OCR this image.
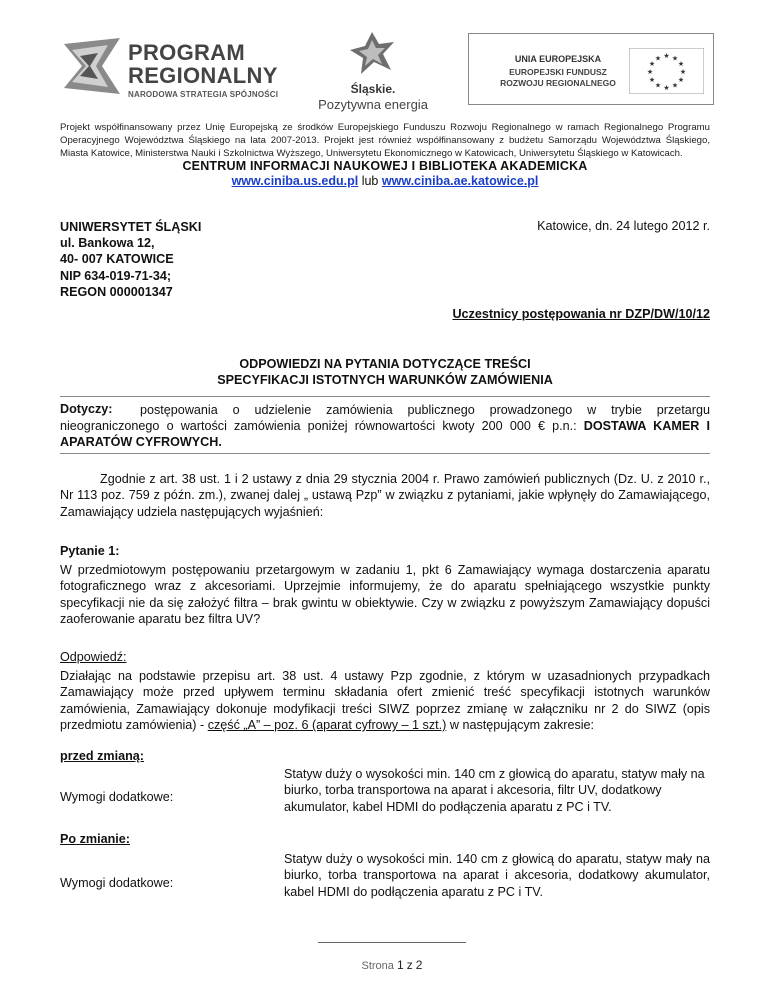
PROGRAM
REGIONALNY
NARODOWA STRATEGIA SPÓJNOŚCI	Śląskie.
Pozytywna energia
UNIA EUROPEJSKA
EUROPEJSKI FUNDUSZ
ROZWOJU REGIONALNEGO
★ ★
★
★
★
★
★
★
★
★
★
★

Projekt współfinansowany przez Unię Europejską ze środków Europejskiego Funduszu Rozwoju Regionalnego w ramach Regionalnego Programu Operacyjnego Województwa Śląskiego na lata 2007-2013. Projekt jest również współfinansowany z budżetu Samorządu Województwa Śląskiego, Miasta Katowice, Ministerstwa Nauki i Szkolnictwa Wyższego, Uniwersytetu Ekonomicznego w Katowicach, Uniwersytetu Śląskiego w Katowicach.

CENTRUM INFORMACJI NAUKOWEJ I BIBLIOTEKA AKADEMICKA
www.ciniba.us.edu.pl lub www.ciniba.ae.katowice.pl
UNIWERSYTET ŚLĄSKI
ul. Bankowa 12,
40- 007 KATOWICE
NIP 634-019-71-34;
REGON 000001347
Katowice, dn. 24 lutego 2012 r.
Uczestnicy postępowania nr DZP/DW/10/12
ODPOWIEDZI NA PYTANIA DOTYCZĄCE TREŚCI
SPECYFIKACJI ISTOTNYCH WARUNKÓW ZAMÓWIENIA
Dotyczy:	postępowania o udzielenie zamówienia publicznego prowadzonego w trybie przetargu
nieograniczonego o wartości zamówienia poniżej równowartości kwoty 200 000 € p.n.: DOSTAWA KAMER I APARATÓW CYFROWYCH.
Zgodnie z art. 38 ust. 1 i 2 ustawy z dnia 29 stycznia 2004 r. Prawo zamówień publicznych (Dz. U. z 2010 r., Nr 113 poz. 759 z późn. zm.), zwanej dalej „ ustawą Pzp” w związku z pytaniami, jakie wpłynęły do Zamawiającego, Zamawiający udziela następujących wyjaśnień:
Pytanie 1:
W przedmiotowym postępowaniu przetargowym w zadaniu 1, pkt 6 Zamawiający wymaga dostarczenia aparatu fotograficznego wraz z akcesoriami. Uprzejmie informujemy, że do aparatu spełniającego wszystkie punkty specyfikacji nie da się założyć filtra – brak gwintu w obiektywie. Czy w związku z powyższym Zamawiający dopuści zaoferowanie aparatu bez filtra UV?
Odpowiedź:
Działając na podstawie przepisu art. 38 ust. 4 ustawy Pzp zgodnie, z którym w uzasadnionych przypadkach Zamawiający może przed upływem terminu składania ofert zmienić treść specyfikacji istotnych warunków zamówienia, Zamawiający dokonuje modyfikacji treści SIWZ poprzez zmianę w załączniku nr 2 do SIWZ (opis przedmiotu zamówienia) - część „A” – poz. 6 (aparat cyfrowy – 1 szt.) w następującym zakresie:
przed zmianą:
Wymogi dodatkowe:
Statyw duży o wysokości min. 140 cm z głowicą do aparatu, statyw mały na biurko, torba transportowa na aparat i akcesoria, filtr UV, dodatkowy akumulator, kabel HDMI do podłączenia aparatu z PC i TV.
Po zmianie:
Wymogi dodatkowe:
Statyw duży o wysokości min. 140 cm z głowicą do aparatu, statyw mały na biurko, torba transportowa na aparat i akcesoria, dodatkowy akumulator, kabel HDMI do podłączenia aparatu z PC i TV.
Strona 1 z 2
